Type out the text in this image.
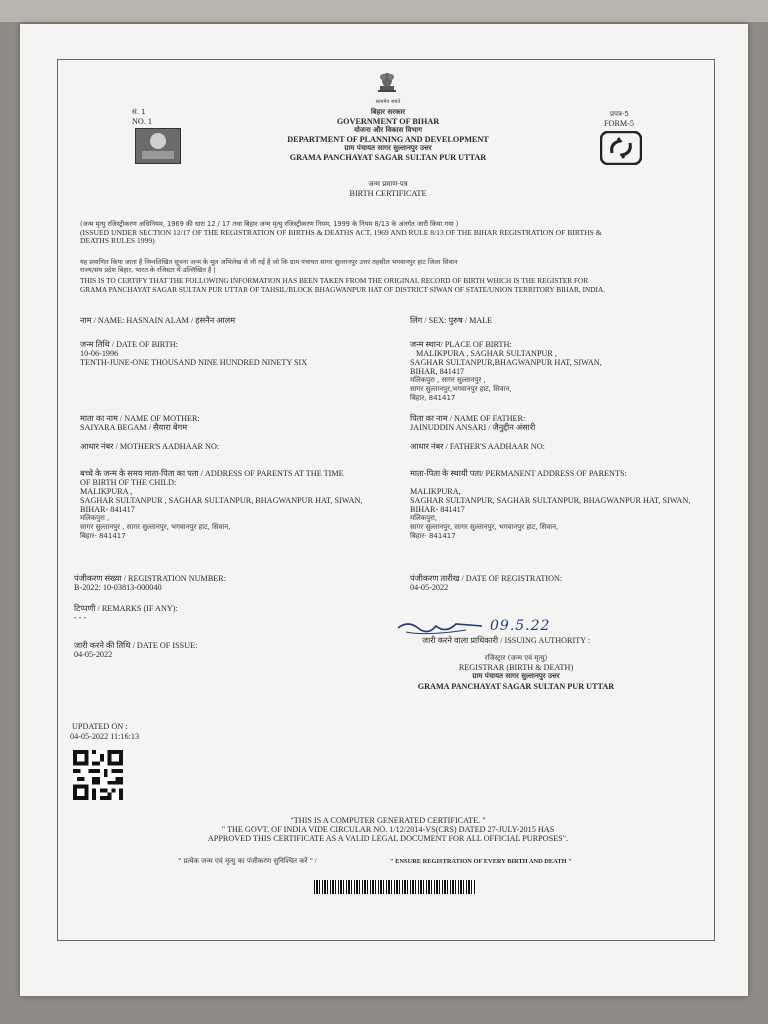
सत्यमेव जयते
सं. 1
NO. 1
प्रपत्र-5
FORM-5
बिहार सरकार
GOVERNMENT OF BIHAR
योजना और विकास विभाग
DEPARTMENT OF PLANNING AND DEVELOPMENT
ग्राम पंचायत सागर सुल्तानपुर उत्तर
GRAMA PANCHAYAT SAGAR SULTAN PUR UTTAR
जन्म प्रमाण-पत्र
BIRTH CERTIFICATE
(जन्म मृत्यु रजिस्ट्रीकरण अधिनियम, 1969 की धारा 12 / 17 तथा बिहार जन्म मृत्यु रजिस्ट्रीकरण नियम, 1999 के नियम 8/13 के अंतर्गत जारी किया गया )
(ISSUED UNDER SECTION 12/17 OF THE REGISTRATION OF BIRTHS & DEATHS ACT, 1969 AND RULE 8/13 OF THE BIHAR REGISTRATION OF BIRTHS &
DEATHS RULES 1999)
यह प्रमाणित किया जाता है निम्नलिखित सूचना जन्म के मूल अभिलेख से ली गई है जो कि ग्राम पंचायत सागर सुल्तानपुर उत्तर तहसील भगवानपुर हाट जिला सिवान
राज्य/संघ प्रदेश बिहार, भारत के रजिस्टर में उल्लिखित है |
THIS IS TO CERTIFY THAT THE FOLLOWING INFORMATION HAS BEEN TAKEN FROM THE ORIGINAL RECORD OF BIRTH WHICH IS THE REGISTER FOR
GRAMA PANCHAYAT SAGAR SULTAN PUR UTTAR OF TAHSIL/BLOCK BHAGWANPUR HAT OF DISTRICT SIWAN OF STATE/UNION TERRITORY BIHAR, INDIA.
नाम / NAME: HASNAIN ALAM / हसनैन आलम	लिंग / SEX: पुरुष / MALE
जन्म तिथि / DATE OF BIRTH:
10-06-1996
TENTH-JUNE-ONE THOUSAND NINE HUNDRED NINETY SIX
जन्म स्थान/ PLACE OF BIRTH:
MALIKPURA , SAGHAR SULTANPUR ,
SAGHAR SULTANPUR,BHAGWANPUR HAT, SIWAN,
BIHAR, 841417
मलिकपुरा , सागर सुल्तानपुर ,
सागर सुल्तानपुर,भगवानपुर हाट, सिवान,
बिहार, 841417
माता का नाम / NAME OF MOTHER:
SAIYARA BEGAM / सैयारा बेगम
पिता का नाम / NAME OF FATHER:
JAINUDDIN ANSARI / जैनुद्दीन अंसारी
आधार नंबर / MOTHER'S AADHAAR NO:	आधार नंबर / FATHER'S AADHAAR NO:
बच्चे के जन्म के समय माता-पिता का पता / ADDRESS OF PARENTS AT THE TIME
OF BIRTH OF THE CHILD:
MALIKPURA ,
SAGHAR SULTANPUR , SAGHAR SULTANPUR, BHAGWANPUR HAT, SIWAN,
BIHAR- 841417
मलिकपुरा ,
सागर सुल्तानपुर , सागर सुल्तानपुर, भगवानपुर हाट, सिवान,
बिहार- 841417
माता-पिता के स्थायी पता/ PERMANENT ADDRESS OF PARENTS:
MALIKPURA,
SAGHAR SULTANPUR, SAGHAR SULTANPUR, BHAGWANPUR HAT, SIWAN,
BIHAR- 841417
मलिकपुरा,
सागर सुल्तानपुर, सागर सुल्तानपुर, भगवानपुर हाट, सिवान,
बिहार- 841417
पंजीकरण संख्या / REGISTRATION NUMBER:
B-2022: 10-03813-000040
पंजीकरण तारीख / DATE OF REGISTRATION:
04-05-2022
टिप्पणी / REMARKS (IF ANY):
- - -
जारी करने की तिथि / DATE OF ISSUE:
04-05-2022
09.5.22
जारी करने वाला प्राधिकारी / ISSUING AUTHORITY :
रजिस्ट्रार (जन्म एवं मृत्यु)
REGISTRAR (BIRTH & DEATH)
ग्राम पंचायत सागर सुल्तानपुर उत्तर
GRAMA PANCHAYAT SAGAR SULTAN PUR UTTAR
UPDATED ON :
04-05-2022 11:16:13
"THIS IS A COMPUTER GENERATED CERTIFICATE. "
" THE GOVT. OF INDIA VIDE CIRCULAR NO. 1/12/2014-VS(CRS) DATED 27-JULY-2015 HAS
APPROVED THIS CERTIFICATE AS A VALID LEGAL DOCUMENT FOR ALL OFFICIAL PURPOSES".
" प्रत्येक जन्म एवं मृत्यु का पंजीकरण सुनिश्चित करें " /	" ENSURE REGISTRATION OF EVERY BIRTH AND DEATH "
